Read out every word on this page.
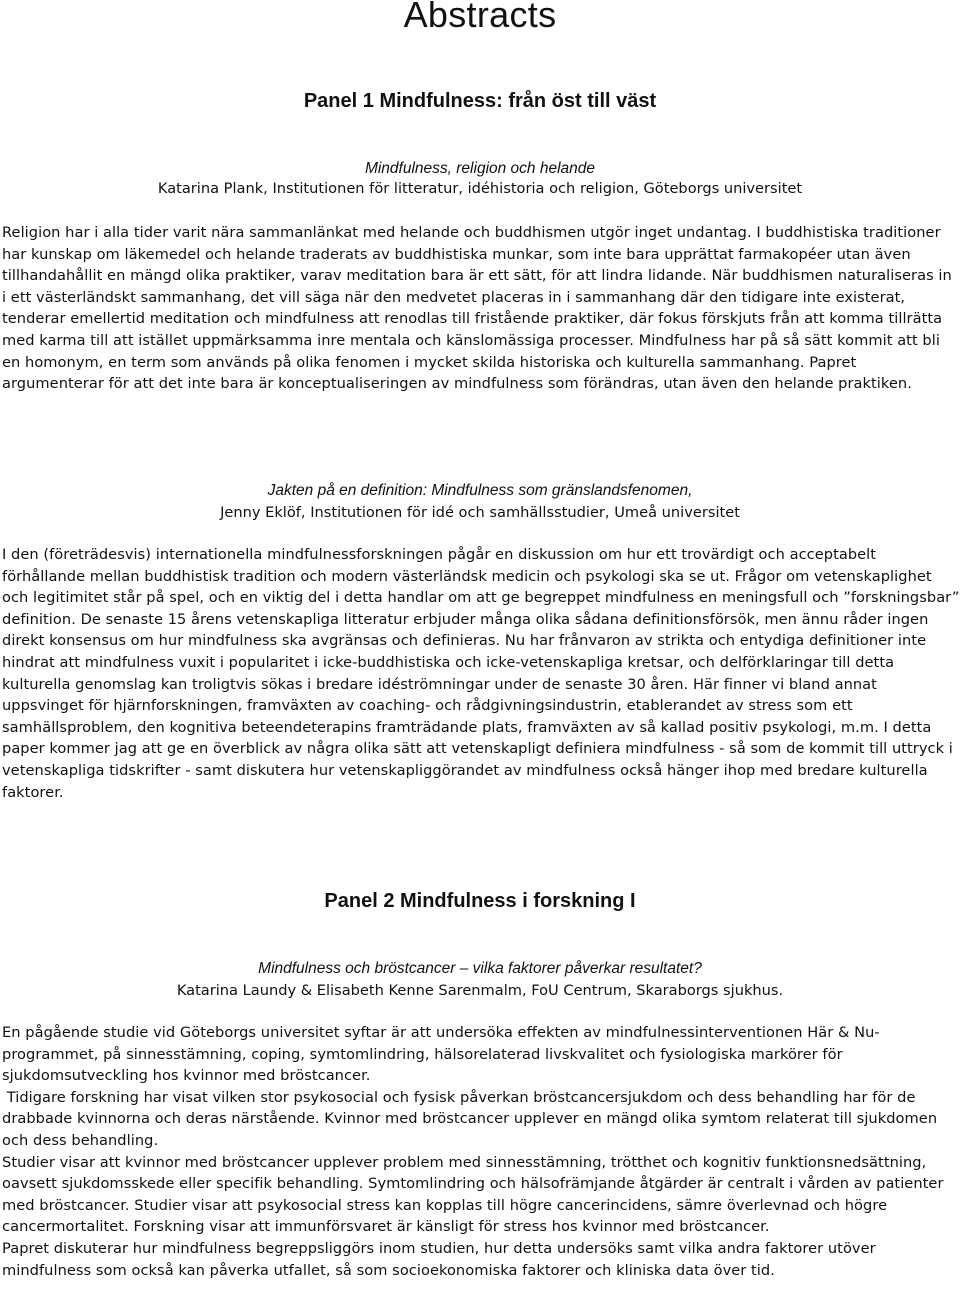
Abstracts
Panel 1 Mindfulness: från öst till väst
Mindfulness, religion och helande
Katarina Plank, Institutionen för litteratur, idéhistoria och religion, Göteborgs universitet

Religion har i alla tider varit nära sammanlänkat med helande och buddhismen utgör inget undantag. I buddhistiska traditioner har kunskap om läkemedel och helande traderats av buddhistiska munkar, som inte bara upprättat farmakopéer utan även tillhandahållit en mängd olika praktiker, varav meditation bara är ett sätt, för att lindra lidande. När buddhismen naturaliseras in i ett västerländskt sammanhang, det vill säga när den medvetet placeras in i sammanhang där den tidigare inte existerat, tenderar emellertid meditation och mindfulness att renodlas till fristående praktiker, där fokus förskjuts från att komma tillrätta med karma till att istället uppmärksamma inre mentala och känslomässiga processer. Mindfulness har på så sätt kommit att bli en homonym, en term som används på olika fenomen i mycket skilda historiska och kulturella sammanhang. Papret argumenterar för att det inte bara är konceptualiseringen av mindfulness som förändras, utan även den helande praktiken.

Jakten på en definition: Mindfulness som gränslandsfenomen,
Jenny Eklöf, Institutionen för idé och samhällsstudier, Umeå universitet

I den (företrädesvis) internationella mindfulnessforskningen pågår en diskussion om hur ett trovärdigt och acceptabelt förhållande mellan buddhistisk tradition och modern västerländsk medicin och psykologi ska se ut. Frågor om vetenskaplighet och legitimitet står på spel, och en viktig del i detta handlar om att ge begreppet mindfulness en meningsfull och ”forskningsbar” definition. De senaste 15 årens vetenskapliga litteratur erbjuder många olika sådana definitionsförsök, men ännu råder ingen direkt konsensus om hur mindfulness ska avgränsas och definieras. Nu har frånvaron av strikta och entydiga definitioner inte hindrat att mindfulness vuxit i popularitet i icke-buddhistiska och icke-vetenskapliga kretsar, och delförklaringar till detta kulturella genomslag kan troligtvis sökas i bredare idéströmningar under de senaste 30 åren. Här finner vi bland annat uppsvinget för hjärnforskningen, framväxten av coaching- och rådgivningsindustrin, etablerandet av stress som ett samhällsproblem, den kognitiva beteendeterapins framträdande plats, framväxten av så kallad positiv psykologi, m.m. I detta paper kommer jag att ge en överblick av några olika sätt att vetenskapligt definiera mindfulness - så som de kommit till uttryck i vetenskapliga tidskrifter - samt diskutera hur vetenskapliggörandet av mindfulness också hänger ihop med bredare kulturella faktorer.

Panel 2 Mindfulness i forskning I
Mindfulness och bröstcancer – vilka faktorer påverkar resultatet?
Katarina Laundy & Elisabeth Kenne Sarenmalm, FoU Centrum, Skaraborgs sjukhus.

En pågående studie vid Göteborgs universitet syftar är att undersöka effekten av mindfulnessinterventionen Här & Nu-programmet, på sinnesstämning, coping, symtomlindring, hälsorelaterad livskvalitet och fysiologiska markörer för sjukdomsutveckling hos kvinnor med bröstcancer.

Tidigare forskning har visat vilken stor psykosocial och fysisk påverkan bröstcancersjukdom och dess behandling har för de drabbade kvinnorna och deras närstående. Kvinnor med bröstcancer upplever en mängd olika symtom relaterat till sjukdomen och dess behandling.

Studier visar att kvinnor med bröstcancer upplever problem med sinnesstämning, trötthet och kognitiv funktionsnedsättning, oavsett sjukdomsskede eller specifik behandling. Symtomlindring och hälsofrämjande åtgärder är centralt i vården av patienter med bröstcancer. Studier visar att psykosocial stress kan kopplas till högre cancerincidens, sämre överlevnad och högre cancermortalitet. Forskning visar att immunförsvaret är känsligt för stress hos kvinnor med bröstcancer.

Papret diskuterar hur mindfulness begreppsliggörs inom studien, hur detta undersöks samt vilka andra faktorer utöver mindfulness som också kan påverka utfallet, så som socioekonomiska faktorer och kliniska data över tid.
